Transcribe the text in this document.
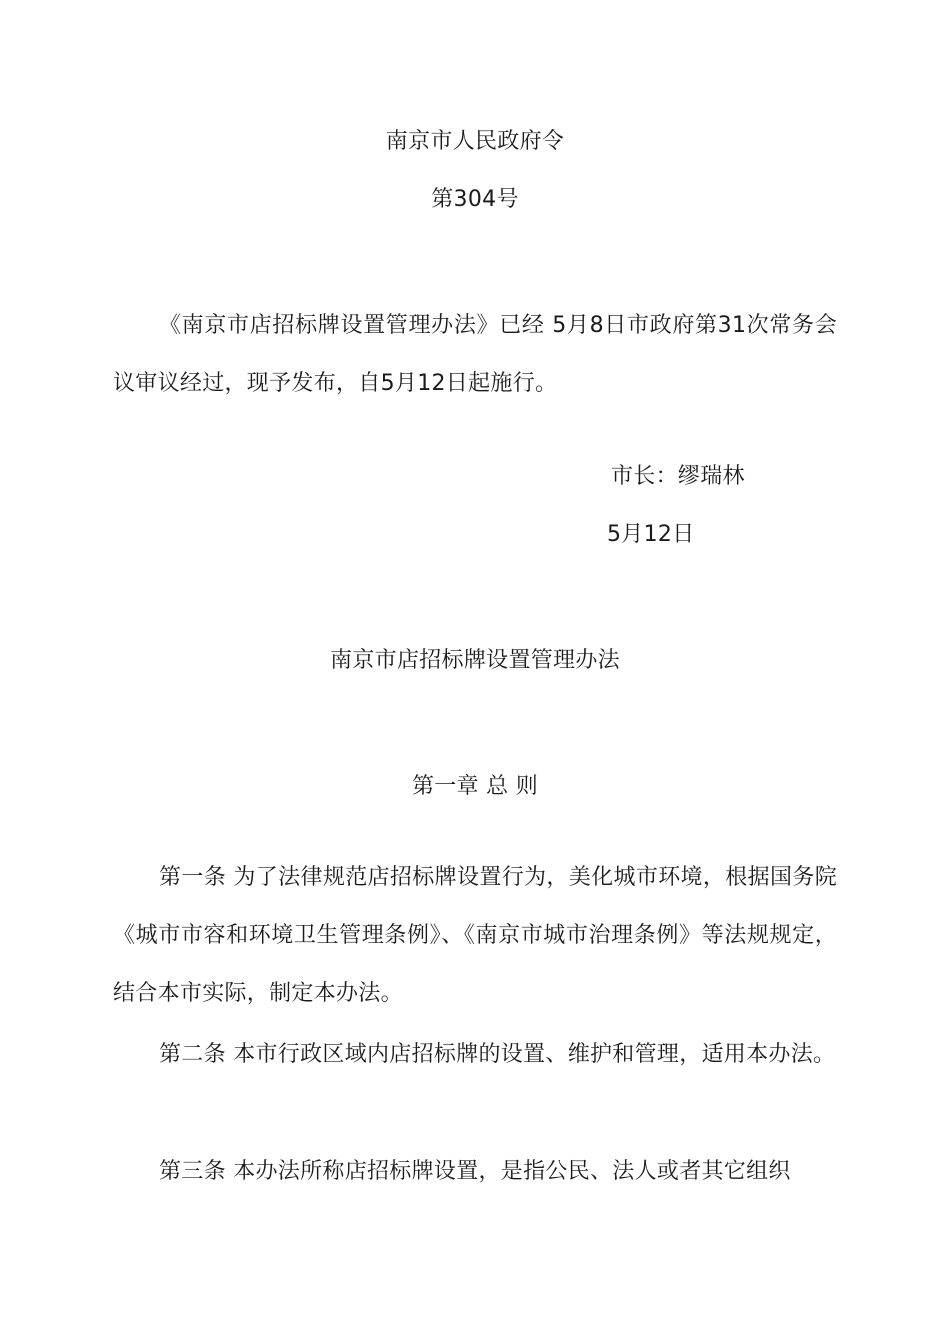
南京市人民政府令
第304号
《南京市店招标牌设置管理办法》已经 5月8日市政府第31次常务会议审议经过，现予发布，自5月12日起施行。
市长：缪瑞林
5月12日
南京市店招标牌设置管理办法
第一章 总 则
第一条 为了法律规范店招标牌设置行为，美化城市环境，根据国务院《城市市容和环境卫生管理条例》、《南京市城市治理条例》等法规规定，结合本市实际，制定本办法。
第二条 本市行政区域内店招标牌的设置、维护和管理，适用本办法。
第三条 本办法所称店招标牌设置，是指公民、法人或者其它组织
